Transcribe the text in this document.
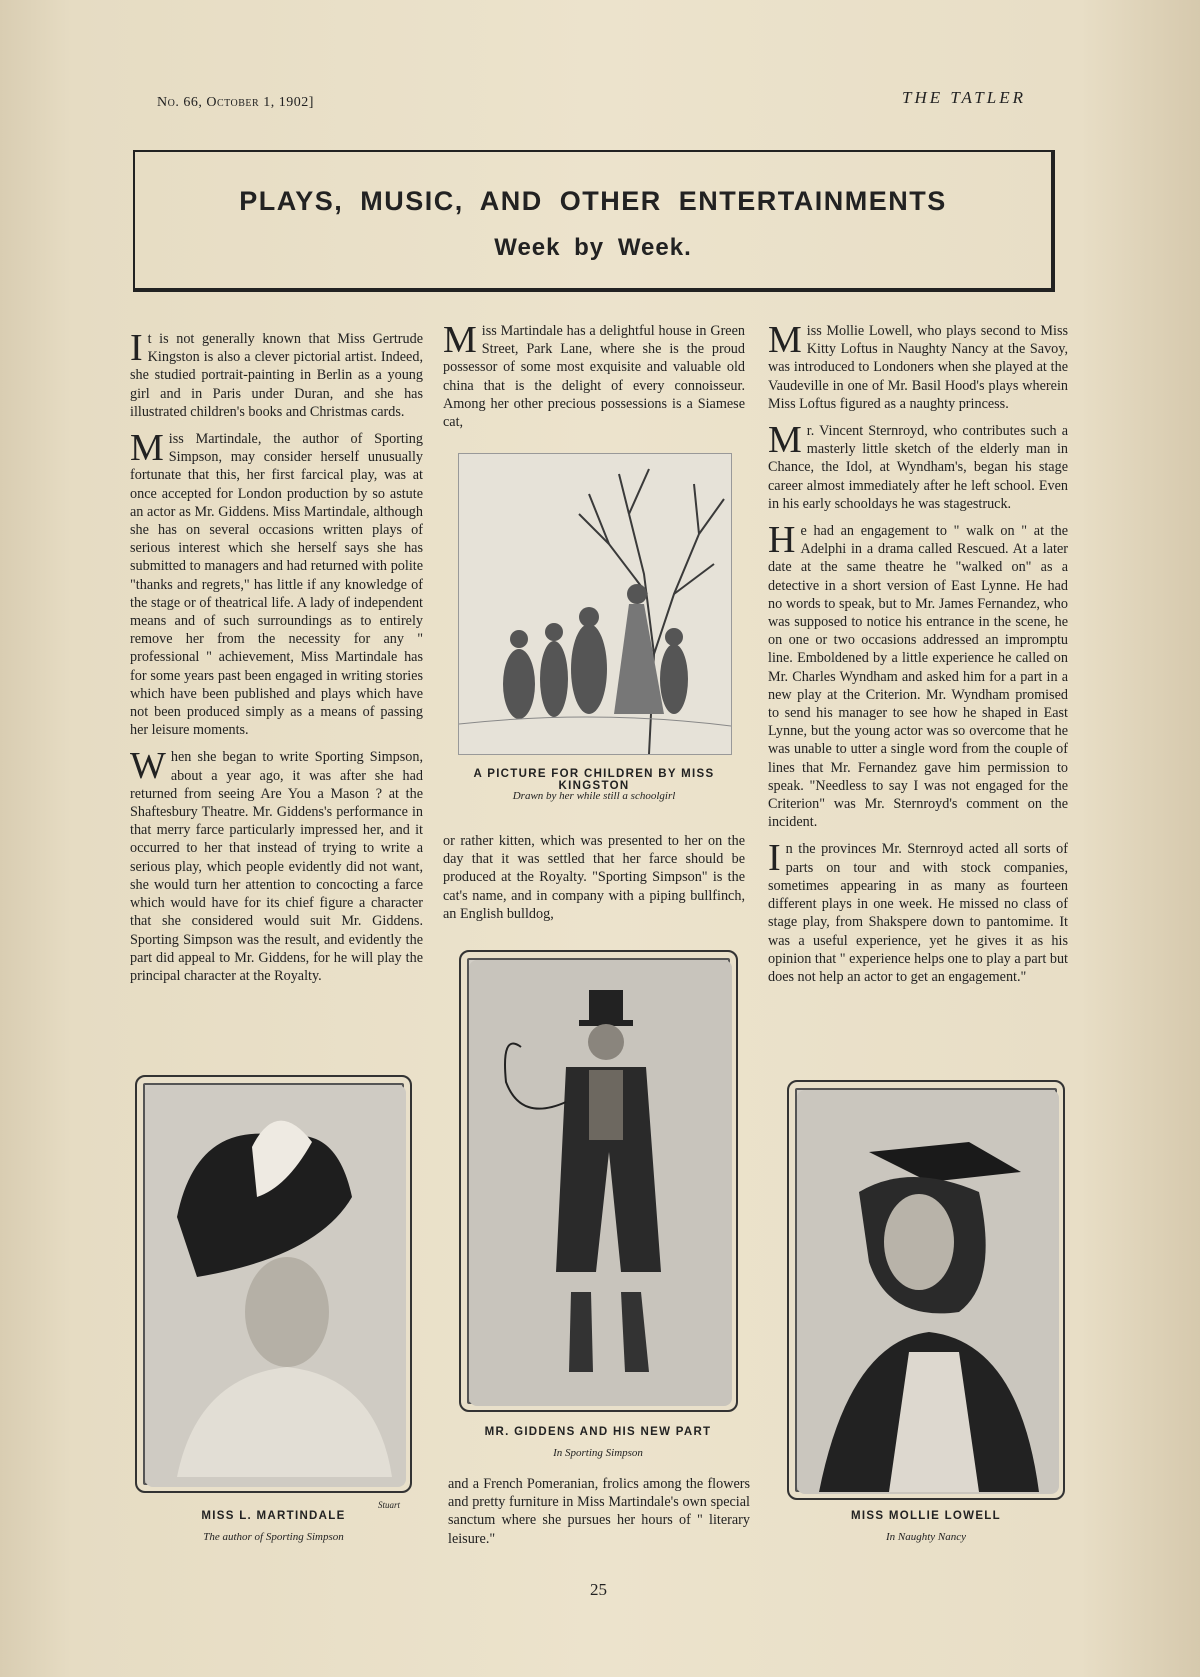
No. 66, October 1, 1902]	THE TATLER
PLAYS, MUSIC, AND OTHER ENTERTAINMENTS
Week by Week.

It is not generally known that Miss Gertrude Kingston is also a clever pictorial artist. Indeed, she studied portrait-painting in Berlin as a young girl and in Paris under Duran, and she has illustrated children's books and Christmas cards.

Miss Martindale, the author of Sporting Simpson, may consider herself unusually fortunate that this, her first farcical play, was at once accepted for London production by so astute an actor as Mr. Giddens. Miss Martindale, although she has on several occasions written plays of serious interest which she herself says she has submitted to managers and had returned with polite "thanks and regrets," has little if any knowledge of the stage or of theatrical life. A lady of independent means and of such surroundings as to entirely remove her from the necessity for any " professional " achievement, Miss Martindale has for some years past been engaged in writing stories which have been published and plays which have not been produced simply as a means of passing her leisure moments.

When she began to write Sporting Simpson, about a year ago, it was after she had returned from seeing Are You a Mason ? at the Shaftesbury Theatre. Mr. Giddens's performance in that merry farce particularly impressed her, and it occurred to her that instead of trying to write a serious play, which people evidently did not want, she would turn her attention to concocting a farce which would have for its chief figure a character that she considered would suit Mr. Giddens. Sporting Simpson was the result, and evidently the part did appeal to Mr. Giddens, for he will play the principal character at the Royalty.

Miss Martindale has a delightful house in Green Street, Park Lane, where she is the proud possessor of some most exquisite and valuable old china that is the delight of every connoisseur. Among her other precious possessions is a Siamese cat,

A PICTURE FOR CHILDREN BY MISS KINGSTON
Drawn by her while still a schoolgirl

or rather kitten, which was presented to her on the day that it was settled that her farce should be produced at the Royalty. "Sporting Simpson" is the cat's name, and in company with a piping bullfinch, an English bulldog,

MR. GIDDENS AND HIS NEW PART
In Sporting Simpson

and a French Pomeranian, frolics among the flowers and pretty furniture in Miss Martindale's own special sanctum where she pursues her hours of " literary leisure."

Miss Mollie Lowell, who plays second to Miss Kitty Loftus in Naughty Nancy at the Savoy, was introduced to Londoners when she played at the Vaudeville in one of Mr. Basil Hood's plays wherein Miss Loftus figured as a naughty princess.

Mr. Vincent Sternroyd, who contributes such a masterly little sketch of the elderly man in Chance, the Idol, at Wyndham's, began his stage career almost immediately after he left school. Even in his early schooldays he was stagestruck.

He had an engagement to " walk on " at the Adelphi in a drama called Rescued. At a later date at the same theatre he "walked on" as a detective in a short version of East Lynne. He had no words to speak, but to Mr. James Fernandez, who was supposed to notice his entrance in the scene, he on one or two occasions addressed an impromptu line. Emboldened by a little experience he called on Mr. Charles Wyndham and asked him for a part in a new play at the Criterion. Mr. Wyndham promised to send his manager to see how he shaped in East Lynne, but the young actor was so overcome that he was unable to utter a single word from the couple of lines that Mr. Fernandez gave him permission to speak. "Needless to say I was not engaged for the Criterion" was Mr. Sternroyd's comment on the incident.

In the provinces Mr. Sternroyd acted all sorts of parts on tour and with stock companies, sometimes appearing in as many as fourteen different plays in one week. He missed no class of stage play, from Shakspere down to pantomime. It was a useful experience, yet he gives it as his opinion that " experience helps one to play a part but does not help an actor to get an engagement."

Stuart
MISS L. MARTINDALE
The author of Sporting Simpson
MISS MOLLIE LOWELL
In Naughty Nancy
25
